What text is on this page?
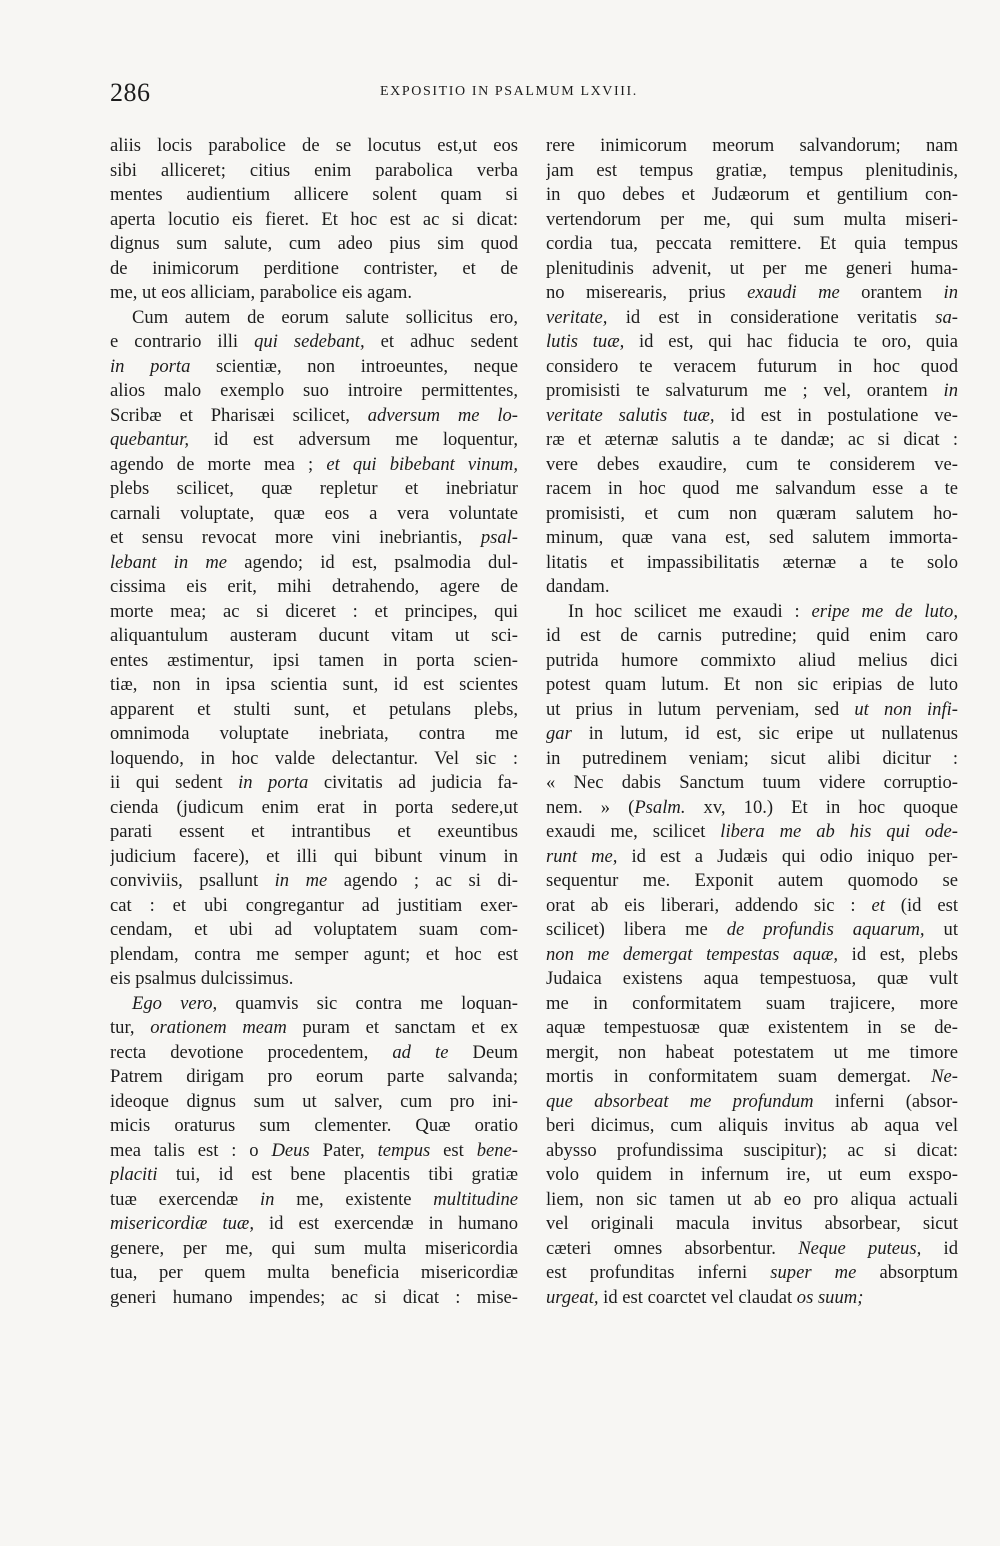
286	EXPOSITIO IN PSALMUM LXVIII.
aliis locis parabolice de se locutus est,ut eos
sibi alliceret; citius enim parabolica verba
mentes audientium allicere solent quam si
aperta locutio eis fieret. Et hoc est ac si dicat:
dignus sum salute, cum adeo pius sim quod
de inimicorum perditione contrister, et de
me, ut eos alliciam, parabolice eis agam.
Cum autem de eorum salute sollicitus ero,
e contrario illi qui sedebant, et adhuc sedent
in porta scientiæ, non introeuntes, neque
alios malo exemplo suo introire permittentes,
Scribæ et Pharisæi scilicet, adversum me lo-
quebantur, id est adversum me loquentur,
agendo de morte mea ; et qui bibebant vinum,
plebs scilicet, quæ repletur et inebriatur
carnali voluptate, quæ eos a vera voluntate
et sensu revocat more vini inebriantis, psal-
lebant in me agendo; id est, psalmodia dul-
cissima eis erit, mihi detrahendo, agere de
morte mea; ac si diceret : et principes, qui
aliquantulum austeram ducunt vitam ut sci-
entes æstimentur, ipsi tamen in porta scien-
tiæ, non in ipsa scientia sunt, id est scientes
apparent et stulti sunt, et petulans plebs,
omnimoda voluptate inebriata, contra me
loquendo, in hoc valde delectantur. Vel sic :
ii qui sedent in porta civitatis ad judicia fa-
cienda (judicum enim erat in porta sedere,ut
parati essent et intrantibus et exeuntibus
judicium facere), et illi qui bibunt vinum in
conviviis, psallunt in me agendo ; ac si di-
cat : et ubi congregantur ad justitiam exer-
cendam, et ubi ad voluptatem suam com-
plendam, contra me semper agunt; et hoc est
eis psalmus dulcissimus.
Ego vero, quamvis sic contra me loquan-
tur, orationem meam puram et sanctam et ex
recta devotione procedentem, ad te Deum
Patrem dirigam pro eorum parte salvanda;
ideoque dignus sum ut salver, cum pro ini-
micis oraturus sum clementer. Quæ oratio
mea talis est : o Deus Pater, tempus est bene-
placiti tui, id est bene placentis tibi gratiæ
tuæ exercendæ in me, existente multitudine
misericordiæ tuæ, id est exercendæ in humano
genere, per me, qui sum multa misericordia
tua, per quem multa beneficia misericordiæ
generi humano impendes; ac si dicat : mise-
rere inimicorum meorum salvandorum; nam
jam est tempus gratiæ, tempus plenitudinis,
in quo debes et Judæorum et gentilium con-
vertendorum per me, qui sum multa miseri-
cordia tua, peccata remittere. Et quia tempus
plenitudinis advenit, ut per me generi huma-
no miserearis, prius exaudi me orantem in
veritate, id est in consideratione veritatis sa-
lutis tuæ, id est, qui hac fiducia te oro, quia
considero te veracem futurum in hoc quod
promisisti te salvaturum me ; vel, orantem in
veritate salutis tuæ, id est in postulatione ve-
ræ et æternæ salutis a te dandæ; ac si dicat :
vere debes exaudire, cum te considerem ve-
racem in hoc quod me salvandum esse a te
promisisti, et cum non quæram salutem ho-
minum, quæ vana est, sed salutem immorta-
litatis et impassibilitatis æternæ a te solo
dandam.
In hoc scilicet me exaudi : eripe me de luto,
id est de carnis putredine; quid enim caro
putrida humore commixto aliud melius dici
potest quam lutum. Et non sic eripias de luto
ut prius in lutum perveniam, sed ut non infi-
gar in lutum, id est, sic eripe ut nullatenus
in putredinem veniam; sicut alibi dicitur :
« Nec dabis Sanctum tuum videre corruptio-
nem. » (Psalm. xv, 10.) Et in hoc quoque
exaudi me, scilicet libera me ab his qui ode-
runt me, id est a Judæis qui odio iniquo per-
sequentur me. Exponit autem quomodo se
orat ab eis liberari, addendo sic : et (id est
scilicet) libera me de profundis aquarum, ut
non me demergat tempestas aquæ, id est, plebs
Judaica existens aqua tempestuosa, quæ vult
me in conformitatem suam trajicere, more
aquæ tempestuosæ quæ existentem in se de-
mergit, non habeat potestatem ut me timore
mortis in conformitatem suam demergat. Ne-
que absorbeat me profundum inferni (absor-
beri dicimus, cum aliquis invitus ab aqua vel
abysso profundissima suscipitur); ac si dicat:
volo quidem in infernum ire, ut eum exspo-
liem, non sic tamen ut ab eo pro aliqua actuali
vel originali macula invitus absorbear, sicut
cæteri omnes absorbentur. Neque puteus, id
est profunditas inferni super me absorptum
urgeat, id est coarctet vel claudat os suum;
